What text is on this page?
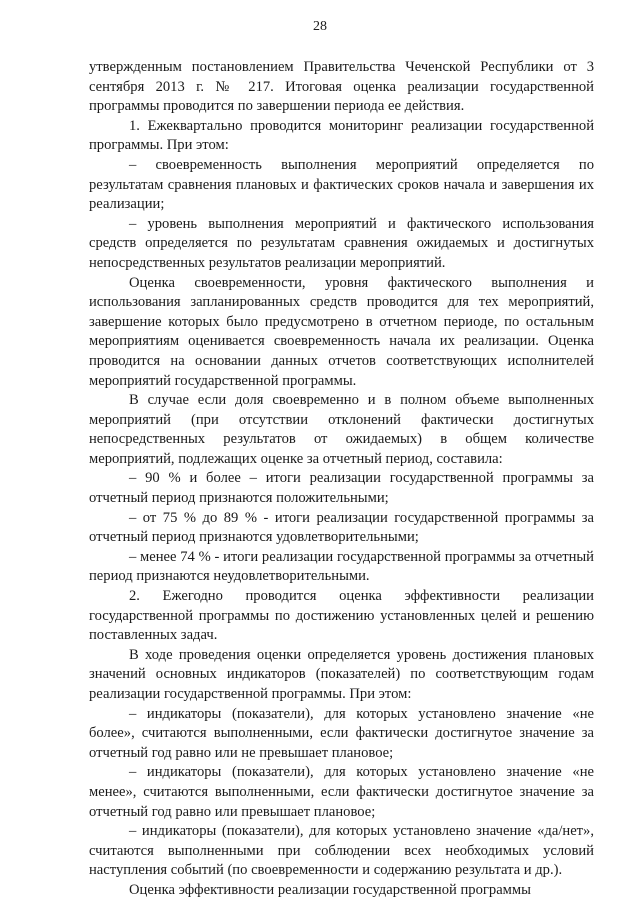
28

утвержденным постановлением Правительства Чеченской Республики от 3 сентября 2013 г. № 217. Итоговая оценка реализации государственной программы проводится по завершении периода ее действия.

1. Ежеквартально проводится мониторинг реализации государственной программы. При этом:

– своевременность выполнения мероприятий определяется по результатам сравнения плановых и фактических сроков начала и завершения их реализации;

– уровень выполнения мероприятий и фактического использования средств определяется по результатам сравнения ожидаемых и достигнутых непосредственных результатов реализации мероприятий.

Оценка своевременности, уровня фактического выполнения и использования запланированных средств проводится для тех мероприятий, завершение которых было предусмотрено в отчетном периоде, по остальным мероприятиям оценивается своевременность начала их реализации. Оценка проводится на основании данных отчетов соответствующих исполнителей мероприятий государственной программы.

В случае если доля своевременно и в полном объеме выполненных мероприятий (при отсутствии отклонений фактически достигнутых непосредственных результатов от ожидаемых) в общем количестве мероприятий, подлежащих оценке за отчетный период, составила:

– 90 % и более – итоги реализации государственной программы за отчетный период признаются положительными;

– от 75 % до 89 % - итоги реализации государственной программы за отчетный период признаются удовлетворительными;

– менее 74 % - итоги реализации государственной программы за отчетный период признаются неудовлетворительными.

2. Ежегодно проводится оценка эффективности реализации государственной программы по достижению установленных целей и решению поставленных задач.

В ходе проведения оценки определяется уровень достижения плановых значений основных индикаторов (показателей) по соответствующим годам реализации государственной программы. При этом:

– индикаторы (показатели), для которых установлено значение «не более», считаются выполненными, если фактически достигнутое значение за отчетный год равно или не превышает плановое;

– индикаторы (показатели), для которых установлено значение «не менее», считаются выполненными, если фактически достигнутое значение за отчетный год равно или превышает плановое;

– индикаторы (показатели), для которых установлено значение «да/нет», считаются выполненными при соблюдении всех необходимых условий наступления событий (по своевременности и содержанию результата и др.).

Оценка эффективности реализации государственной программы
